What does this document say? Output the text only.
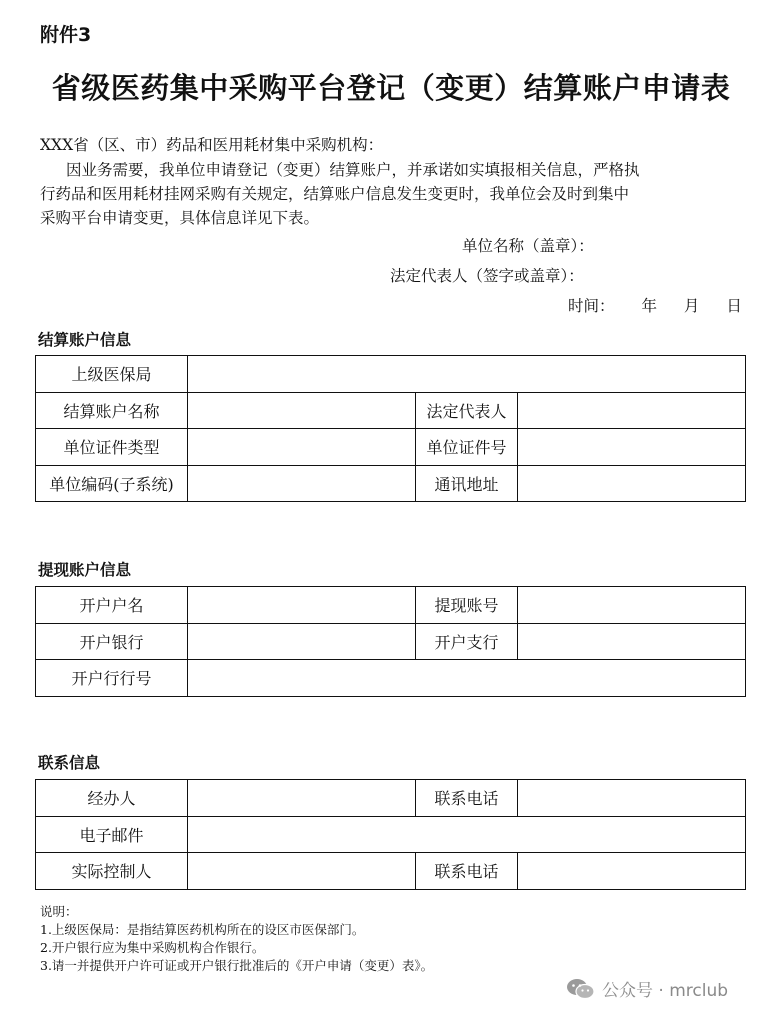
附件3
省级医药集中采购平台登记（变更）结算账户申请表
XXX省（区、市）药品和医用耗材集中采购机构：
因业务需要，我单位申请登记（变更）结算账户，并承诺如实填报相关信息，严格执
行药品和医用耗材挂网采购有关规定，结算账户信息发生变更时，我单位会及时到集中
采购平台申请变更，具体信息详见下表。
单位名称（盖章）：
法定代表人（签字或盖章）：
时间： 年 月 日
结算账户信息
上级医保局			
结算账户名称		法定代表人	
单位证件类型		单位证件号	
单位编码(子系统)		通讯地址	
提现账户信息
开户户名		提现账号	
开户银行		开户支行	
开户行行号			
联系信息
经办人		联系电话	
电子邮件			
实际控制人		联系电话	
说明：
1.上级医保局：是指结算医药机构所在的设区市医保部门。
2.开户银行应为集中采购机构合作银行。
3.请一并提供开户许可证或开户银行批准后的《开户申请（变更）表》。
公众号 · mrclub
